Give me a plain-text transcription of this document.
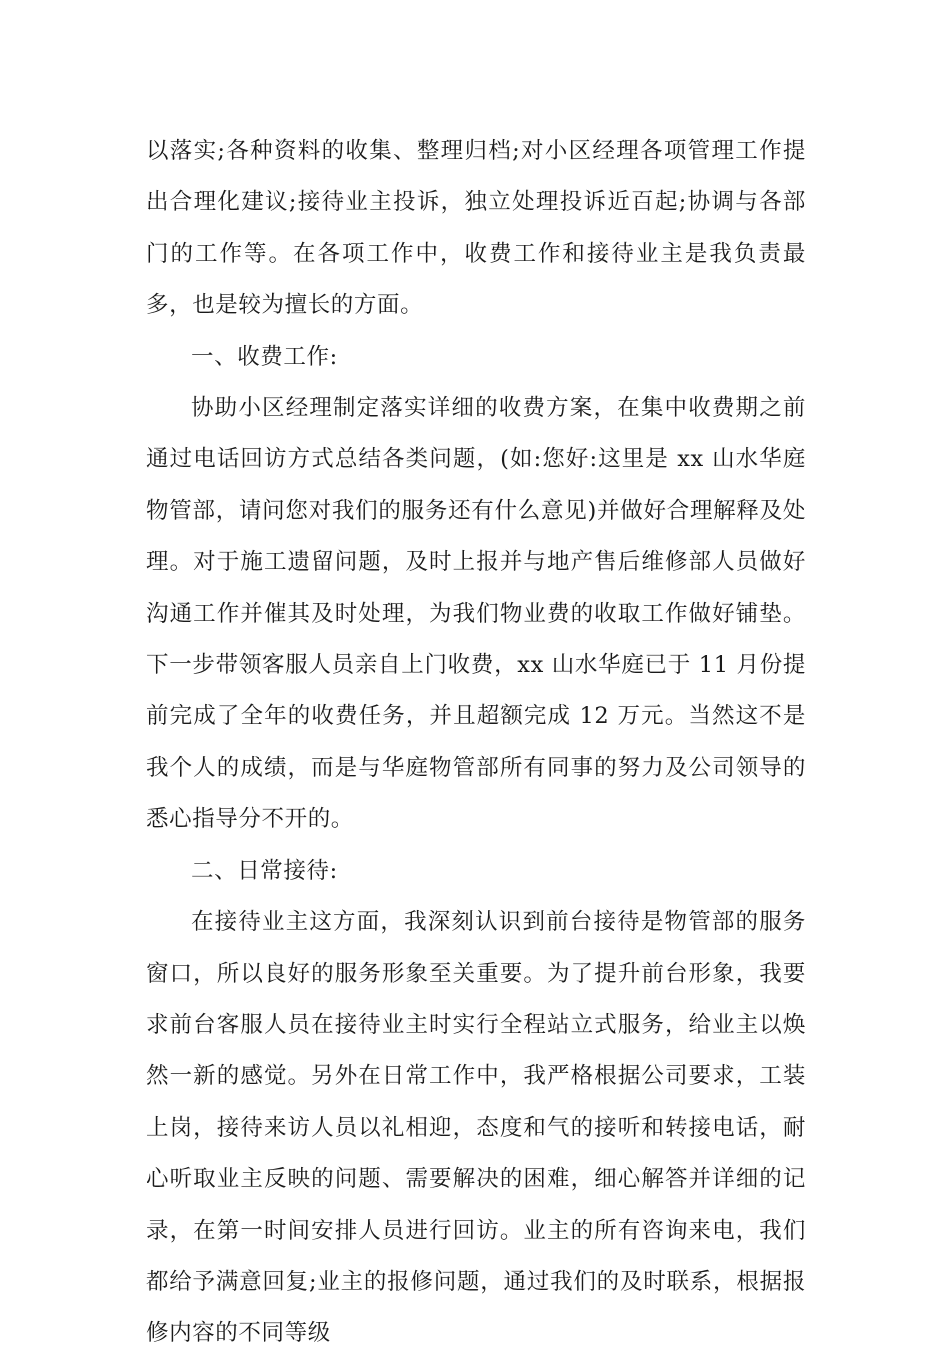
以落实;各种资料的收集、整理归档;对小区经理各项管理工作提出合理化建议;接待业主投诉，独立处理投诉近百起;协调与各部门的工作等。在各项工作中，收费工作和接待业主是我负责最多，也是较为擅长的方面。

一、收费工作:

协助小区经理制定落实详细的收费方案，在集中收费期之前通过电话回访方式总结各类问题，(如:您好:这里是 xx 山水华庭物管部，请问您对我们的服务还有什么意见)并做好合理解释及处理。对于施工遗留问题，及时上报并与地产售后维修部人员做好沟通工作并催其及时处理，为我们物业费的收取工作做好铺垫。下一步带领客服人员亲自上门收费，xx 山水华庭已于 11 月份提前完成了全年的收费任务，并且超额完成 12 万元。当然这不是我个人的成绩，而是与华庭物管部所有同事的努力及公司领导的悉心指导分不开的。

二、日常接待:

在接待业主这方面，我深刻认识到前台接待是物管部的服务窗口，所以良好的服务形象至关重要。为了提升前台形象，我要求前台客服人员在接待业主时实行全程站立式服务，给业主以焕然一新的感觉。另外在日常工作中，我严格根据公司要求，工装上岗，接待来访人员以礼相迎，态度和气的接听和转接电话，耐心听取业主反映的问题、需要解决的困难，细心解答并详细的记录，在第一时间安排人员进行回访。业主的所有咨询来电，我们都给予满意回复;业主的报修问题，通过我们的及时联系，根据报修内容的不同等级
